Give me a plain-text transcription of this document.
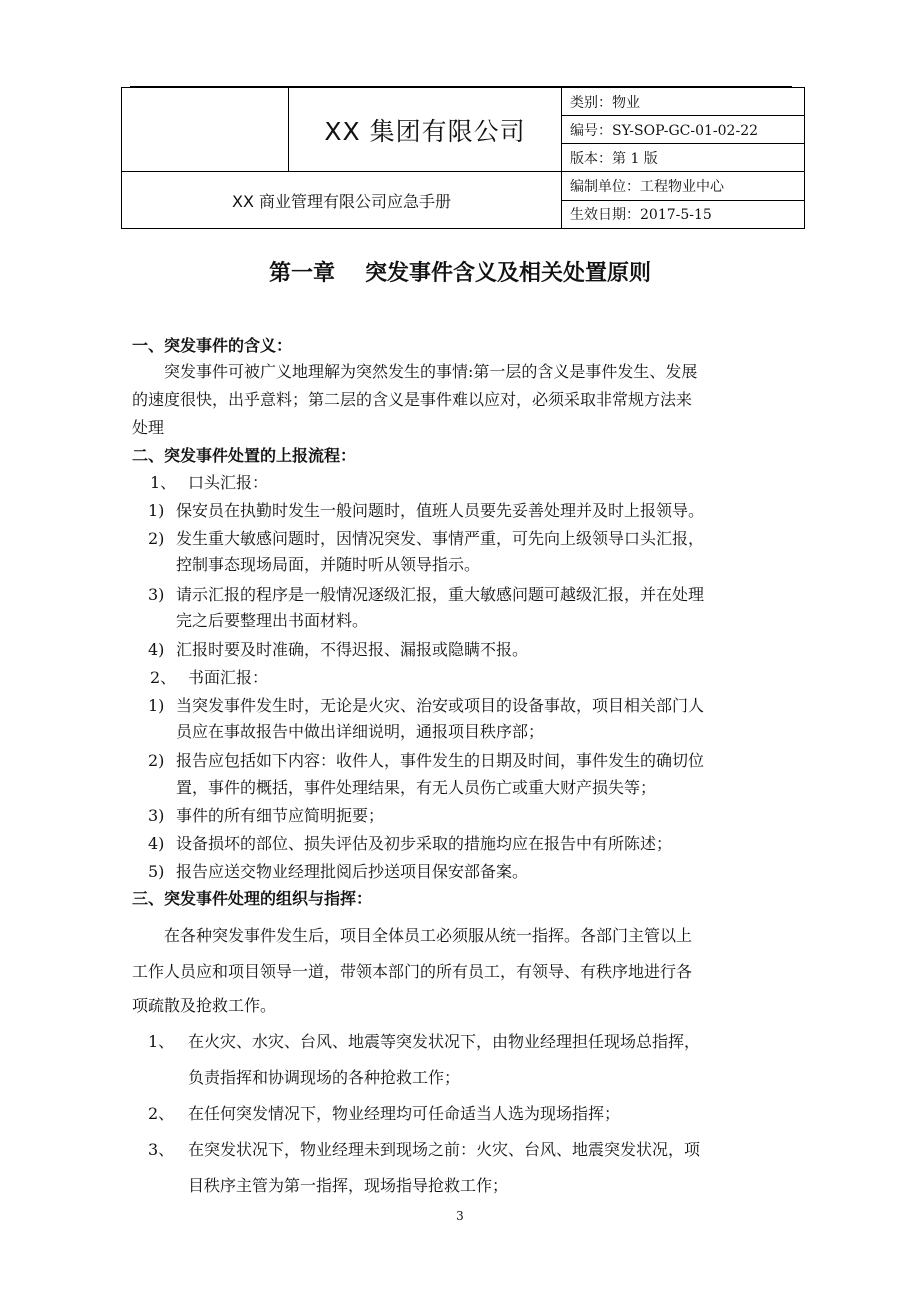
	XX 集团有限公司	类别：物业
		编号：SY-SOP-GC-01-02-22
		版本：第 1 版
XX 商业管理有限公司应急手册		编制单位：工程物业中心
		生效日期：2017-5-15
第一章 突发事件含义及相关处置原则
一、突发事件的含义：
突发事件可被广义地理解为突然发生的事情:第一层的含义是事件发生、发展
的速度很快，出乎意料；第二层的含义是事件难以应对，必须采取非常规方法来
处理
二、突发事件处置的上报流程：
1、 口头汇报：
1) 保安员在执勤时发生一般问题时，值班人员要先妥善处理并及时上报领导。
2) 发生重大敏感问题时，因情况突发、事情严重，可先向上级领导口头汇报，
控制事态现场局面，并随时听从领导指示。
3) 请示汇报的程序是一般情况逐级汇报，重大敏感问题可越级汇报，并在处理
完之后要整理出书面材料。
4) 汇报时要及时准确，不得迟报、漏报或隐瞒不报。
2、 书面汇报：
1) 当突发事件发生时，无论是火灾、治安或项目的设备事故，项目相关部门人
员应在事故报告中做出详细说明，通报项目秩序部；
2) 报告应包括如下内容：收件人，事件发生的日期及时间，事件发生的确切位
置，事件的概括，事件处理结果，有无人员伤亡或重大财产损失等；
3) 事件的所有细节应简明扼要；
4) 设备损坏的部位、损失评估及初步采取的措施均应在报告中有所陈述；
5) 报告应送交物业经理批阅后抄送项目保安部备案。
三、突发事件处理的组织与指挥：
在各种突发事件发生后，项目全体员工必须服从统一指挥。各部门主管以上
工作人员应和项目领导一道，带领本部门的所有员工，有领导、有秩序地进行各
项疏散及抢救工作。
1、 在火灾、水灾、台风、地震等突发状况下，由物业经理担任现场总指挥，
负责指挥和协调现场的各种抢救工作；
2、 在任何突发情况下，物业经理均可任命适当人选为现场指挥；
3、 在突发状况下，物业经理未到现场之前：火灾、台风、地震突发状况，项
目秩序主管为第一指挥，现场指导抢救工作；
3
